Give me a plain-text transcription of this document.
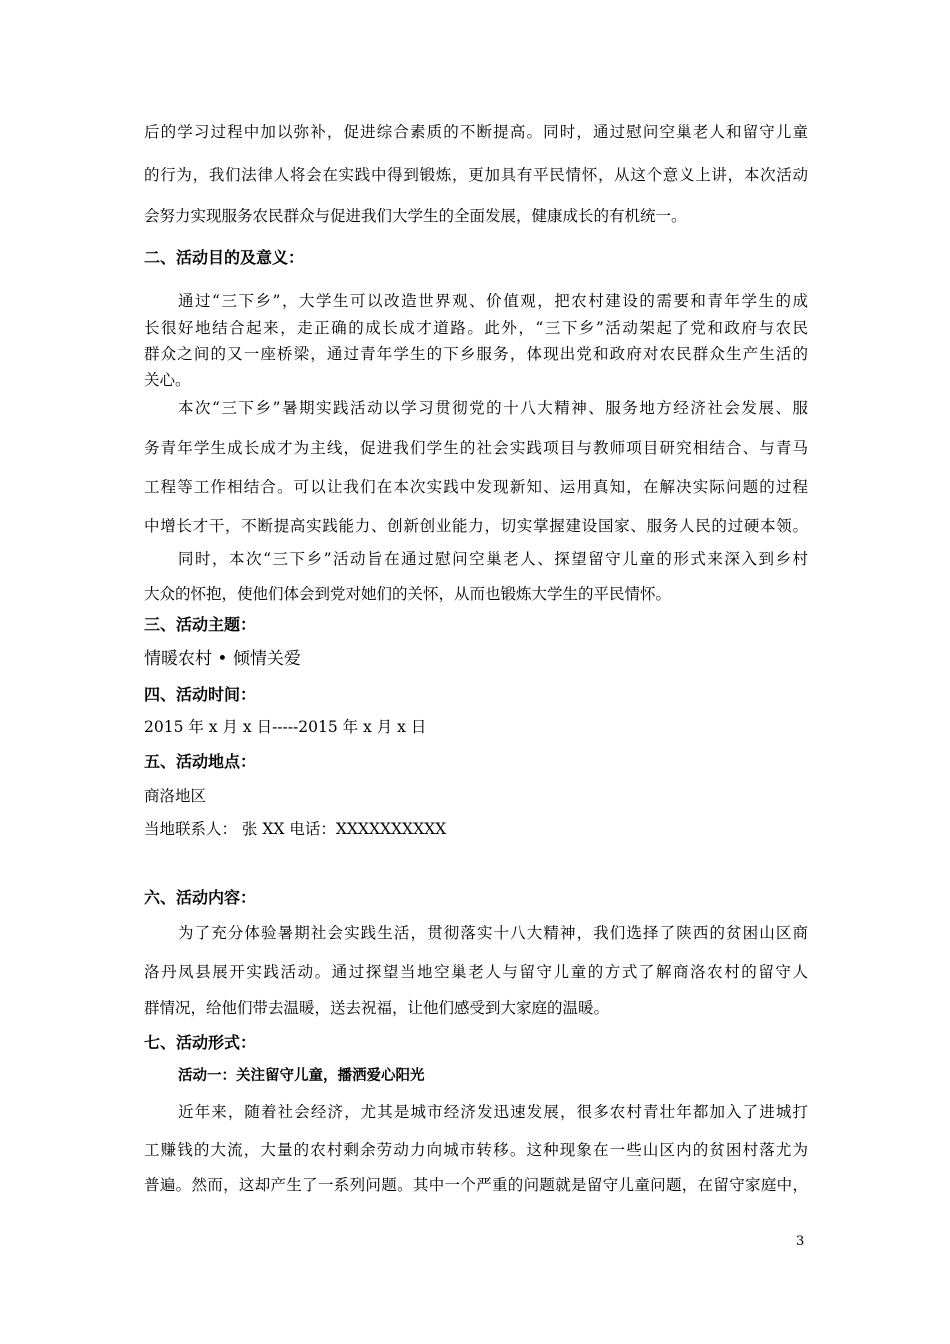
后的学习过程中加以弥补，促进综合素质的不断提高。同时，通过慰问空巢老人和留守儿童
的行为，我们法律人将会在实践中得到锻炼，更加具有平民情怀，从这个意义上讲，本次活动
会努力实现服务农民群众与促进我们大学生的全面发展，健康成长的有机统一。
二、活动目的及意义：
通过“三下乡”，大学生可以改造世界观、价值观，把农村建设的需要和青年学生的成
长很好地结合起来，走正确的成长成才道路。此外，“三下乡”活动架起了党和政府与农民
群众之间的又一座桥梁，通过青年学生的下乡服务，体现出党和政府对农民群众生产生活的
关心。
本次“三下乡”暑期实践活动以学习贯彻党的十八大精神、服务地方经济社会发展、服
务青年学生成长成才为主线，促进我们学生的社会实践项目与教师项目研究相结合、与青马
工程等工作相结合。可以让我们在本次实践中发现新知、运用真知，在解决实际问题的过程
中增长才干，不断提高实践能力、创新创业能力，切实掌握建设国家、服务人民的过硬本领。
同时，本次“三下乡”活动旨在通过慰问空巢老人、探望留守儿童的形式来深入到乡村
大众的怀抱，使他们体会到党对她们的关怀，从而也锻炼大学生的平民情怀。
三、活动主题：
情暖农村 • 倾情关爱
四、活动时间：
2015 年 x 月 x 日-----2015 年 x 月 x 日
五、活动地点：
商洛地区
当地联系人： 张 XX 电话：XXXXXXXXXX
六、活动内容：
为了充分体验暑期社会实践生活，贯彻落实十八大精神，我们选择了陕西的贫困山区商
洛丹凤县展开实践活动。通过探望当地空巢老人与留守儿童的方式了解商洛农村的留守人
群情况，给他们带去温暖，送去祝福，让他们感受到大家庭的温暖。
七、活动形式：
活动一：关注留守儿童，播洒爱心阳光
近年来，随着社会经济，尤其是城市经济发迅速发展，很多农村青壮年都加入了进城打
工赚钱的大流，大量的农村剩余劳动力向城市转移。这种现象在一些山区内的贫困村落尤为
普遍。然而，这却产生了一系列问题。其中一个严重的问题就是留守儿童问题，在留守家庭中，
3
